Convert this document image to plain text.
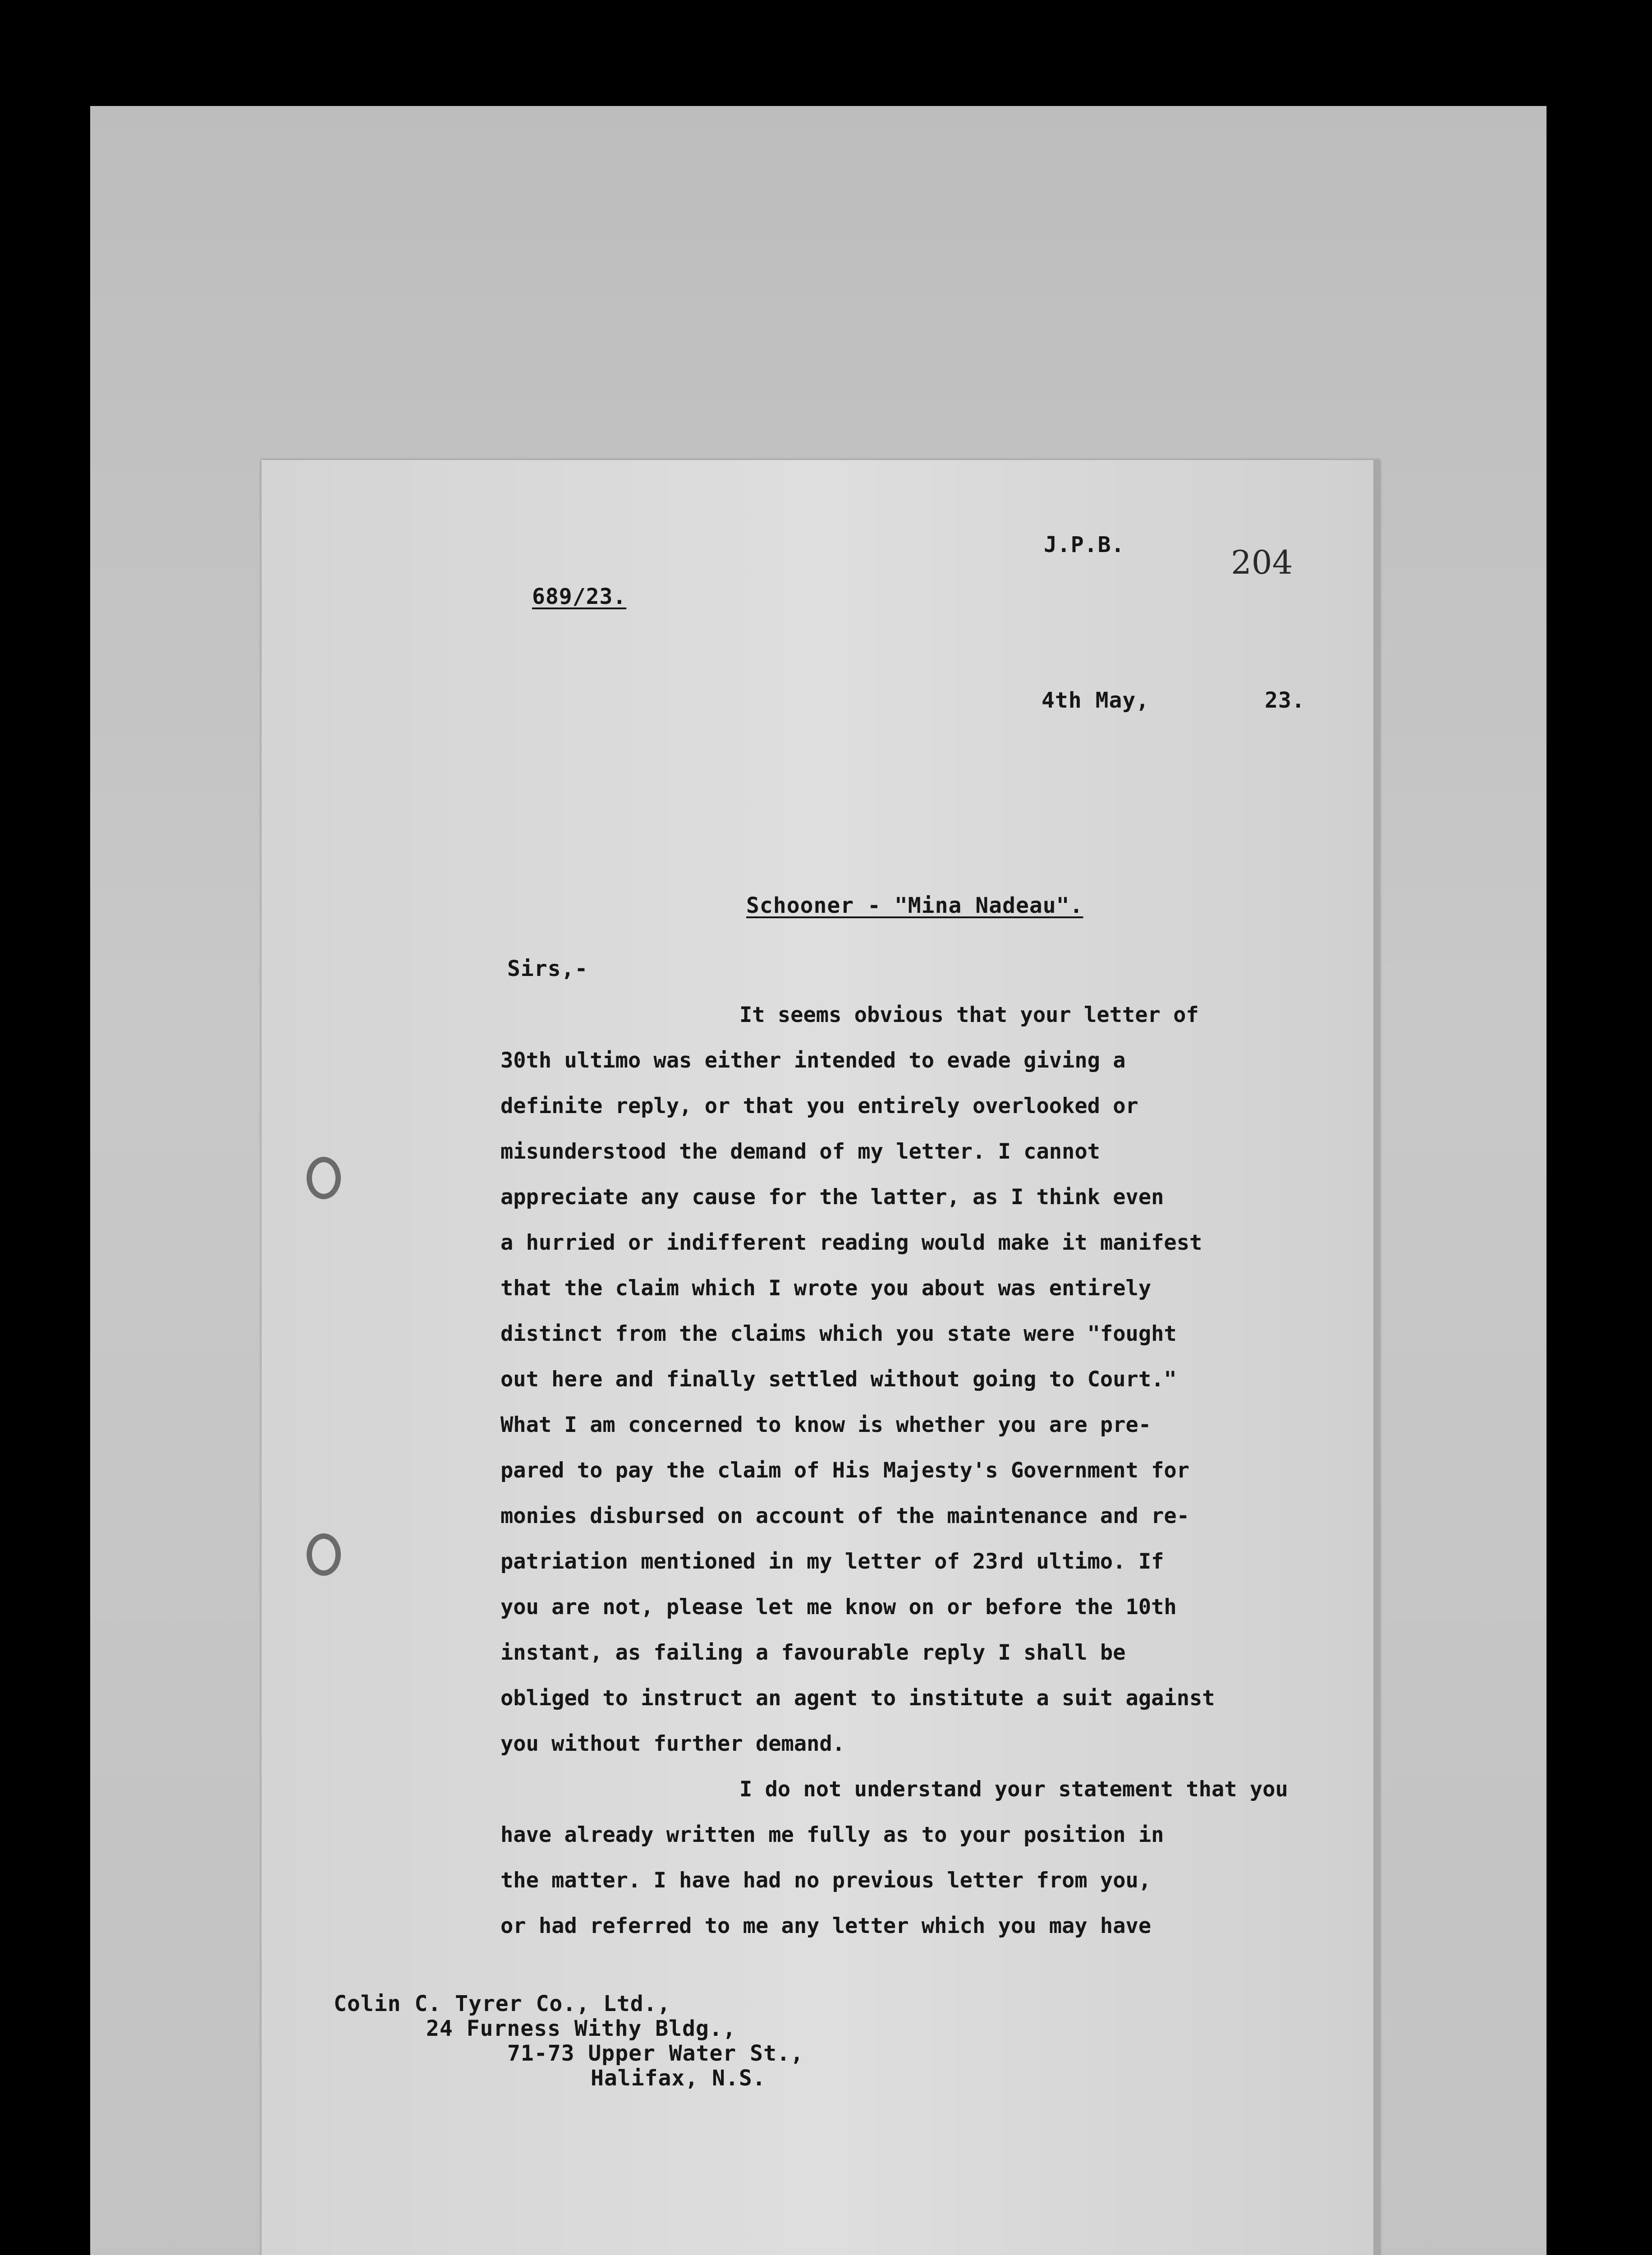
J.P.B.	204
689/23.
4th May,	23.
Schooner - "Mina Nadeau".
Sirs,-
It seems obvious that your letter of
30th ultimo was either intended to evade giving a
definite reply, or that you entirely overlooked or
misunderstood the demand of my letter. I cannot
appreciate any cause for the latter, as I think even
a hurried or indifferent reading would make it manifest
that the claim which I wrote you about was entirely
distinct from the claims which you state were "fought
out here and finally settled without going to Court."
What I am concerned to know is whether you are pre-
pared to pay the claim of His Majesty's Government for
monies disbursed on account of the maintenance and re-
patriation mentioned in my letter of 23rd ultimo. If
you are not, please let me know on or before the 10th
instant, as failing a favourable reply I shall be
obliged to instruct an agent to institute a suit against
you without further demand.
I do not understand your statement that you
have already written me fully as to your position in
the matter. I have had no previous letter from you,
or had referred to me any letter which you may have
Colin C. Tyrer Co., Ltd.,
24 Furness Withy Bldg.,
71-73 Upper Water St.,
Halifax, N.S.
